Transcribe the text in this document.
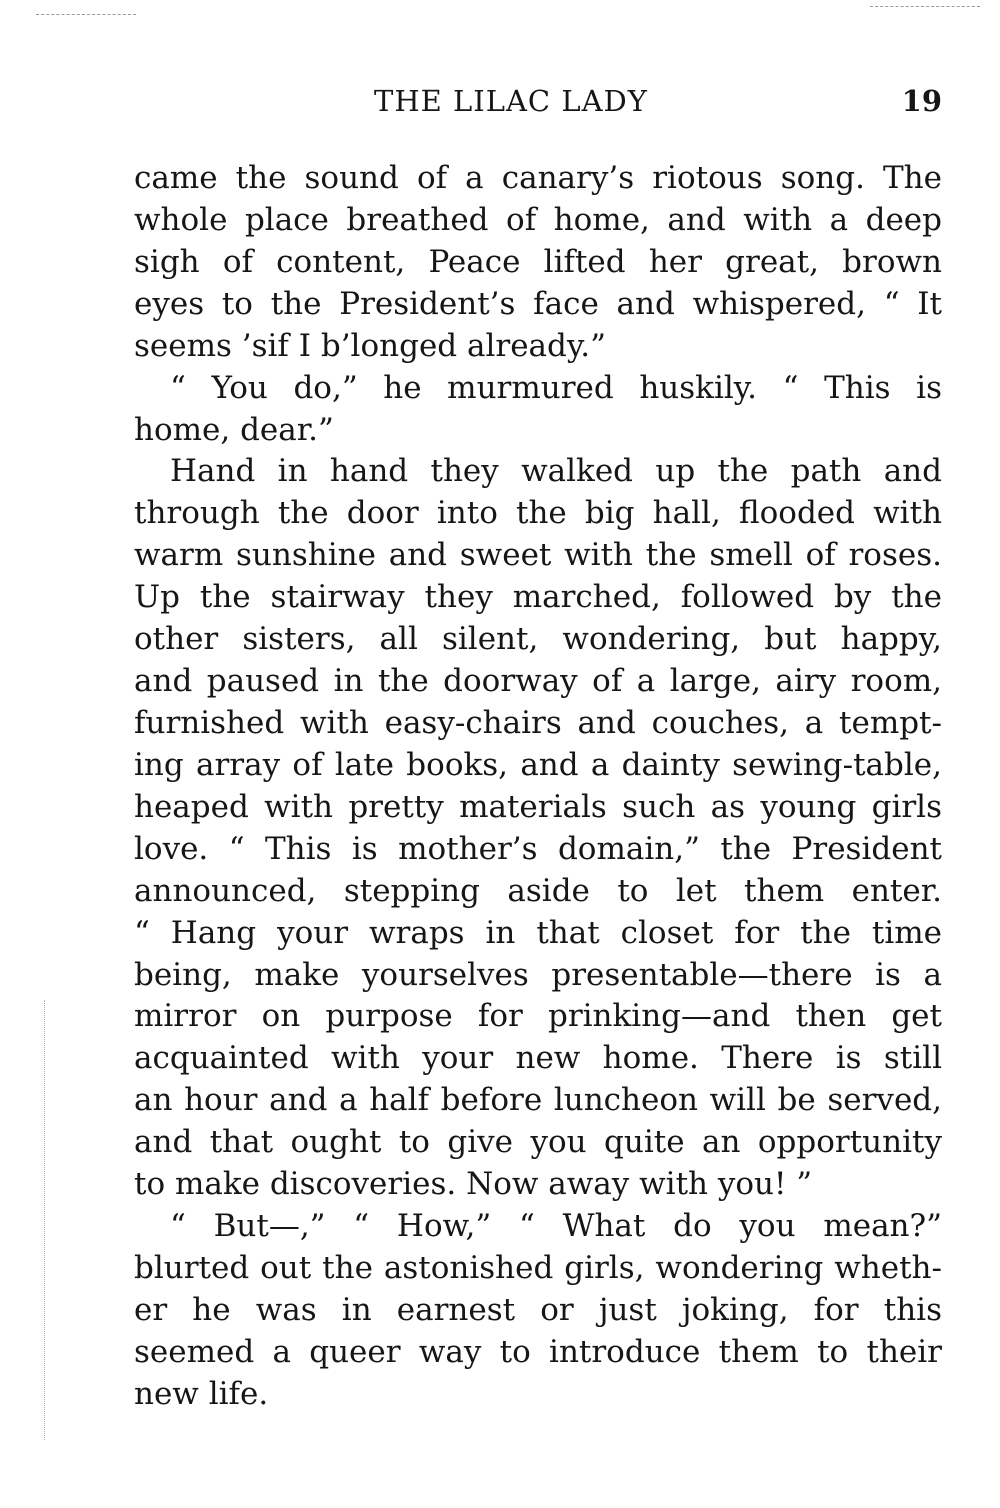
THE LILAC LADY	19
came the sound of a canary’s riotous song. The
whole place breathed of home, and with a deep
sigh of content, Peace lifted her great, brown
eyes to the President’s face and whispered, “ It
seems ’sif I b’longed already.”
“ You do,” he murmured huskily. “ This is
home, dear.”
Hand in hand they walked up the path and
through the door into the big hall, flooded with
warm sunshine and sweet with the smell of roses.
Up the stairway they marched, followed by the
other sisters, all silent, wondering, but happy,
and paused in the doorway of a large, airy room,
furnished with easy-chairs and couches, a tempt-
ing array of late books, and a dainty sewing-table,
heaped with pretty materials such as young girls
love. “ This is mother’s domain,” the President
announced, stepping aside to let them enter.
“ Hang your wraps in that closet for the time
being, make yourselves presentable—there is a
mirror on purpose for prinking—and then get
acquainted with your new home. There is still
an hour and a half before luncheon will be served,
and that ought to give you quite an opportunity
to make discoveries. Now away with you! ”
“ But—,” “ How,” “ What do you mean?”
blurted out the astonished girls, wondering wheth-
er he was in earnest or just joking, for this
seemed a queer way to introduce them to their
new life.
